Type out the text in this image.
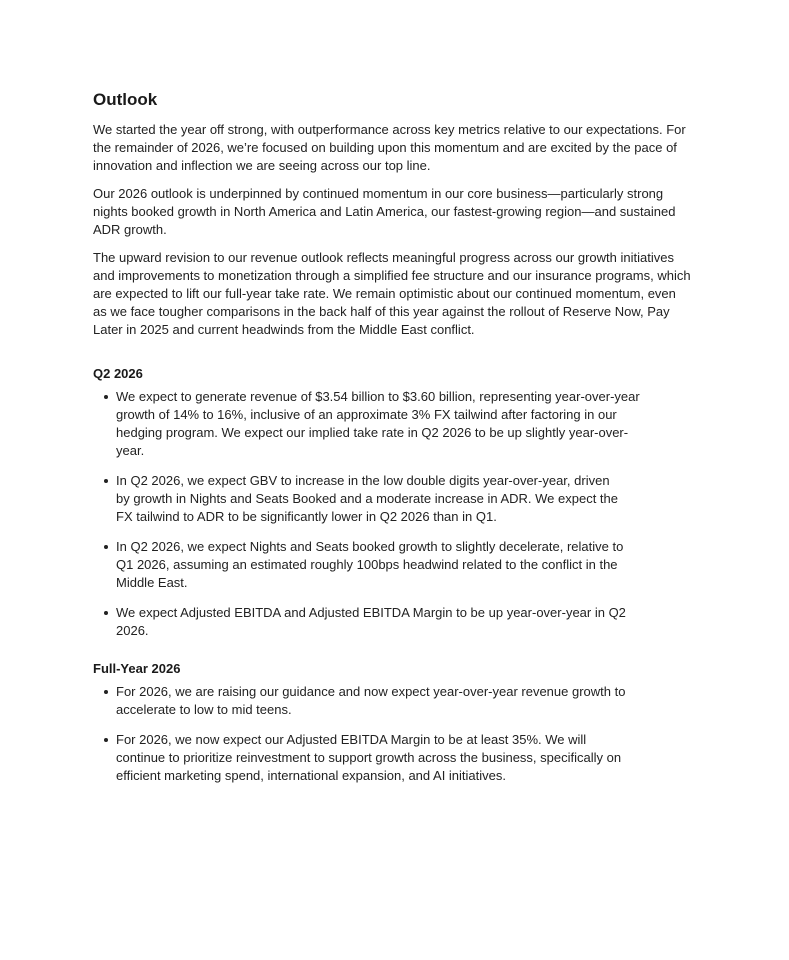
Outlook

We started the year off strong, with outperformance across key metrics relative to our expectations. For the remainder of 2026, we’re focused on building upon this momentum and are excited by the pace of innovation and inflection we are seeing across our top line.

Our 2026 outlook is underpinned by continued momentum in our core business—particularly strong nights booked growth in North America and Latin America, our fastest-growing region—and sustained ADR growth.

The upward revision to our revenue outlook reflects meaningful progress across our growth initiatives and improvements to monetization through a simplified fee structure and our insurance programs, which are expected to lift our full-year take rate. We remain optimistic about our continued momentum, even as we face tougher comparisons in the back half of this year against the rollout of Reserve Now, Pay Later in 2025 and current headwinds from the Middle East conflict.

Q2 2026
We expect to generate revenue of $3.54 billion to $3.60 billion, representing year-over-year growth of 14% to 16%, inclusive of an approximate 3% FX tailwind after factoring in our hedging program. We expect our implied take rate in Q2 2026 to be up slightly year-over-year.
In Q2 2026, we expect GBV to increase in the low double digits year-over-year, driven by growth in Nights and Seats Booked and a moderate increase in ADR. We expect the FX tailwind to ADR to be significantly lower in Q2 2026 than in Q1.
In Q2 2026, we expect Nights and Seats booked growth to slightly decelerate, relative to Q1 2026, assuming an estimated roughly 100bps headwind related to the conflict in the Middle East.
We expect Adjusted EBITDA and Adjusted EBITDA Margin to be up year-over-year in Q2 2026.
Full-Year 2026
For 2026, we are raising our guidance and now expect year-over-year revenue growth to accelerate to low to mid teens.
For 2026, we now expect our Adjusted EBITDA Margin to be at least 35%. We will continue to prioritize reinvestment to support growth across the business, specifically on efficient marketing spend, international expansion, and AI initiatives.
